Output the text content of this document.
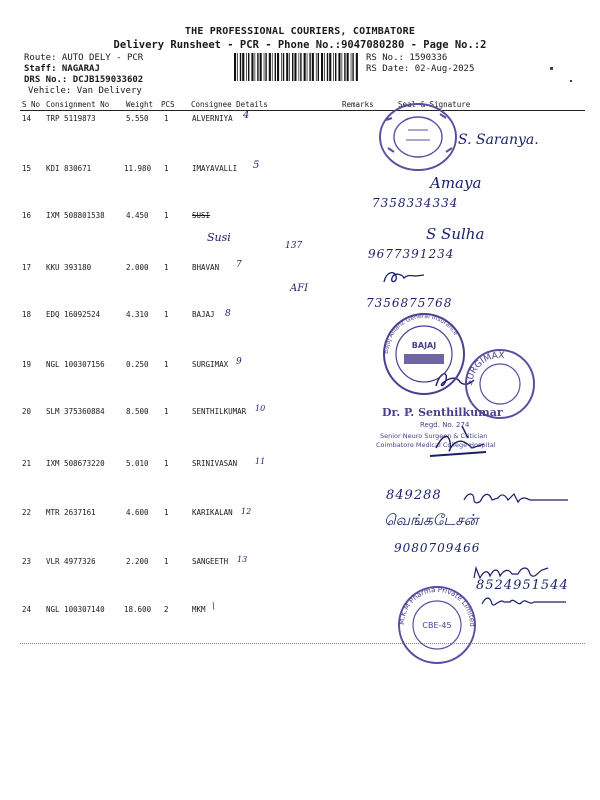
THE PROFESSIONAL COURIERS, COIMBATORE
Delivery Runsheet - PCR - Phone No.:9047080280 - Page No.:2
Route: AUTO DELY - PCR
Staff: NAGARAJ
DRS No.: DCJB159033602
Vehicle: Van Delivery
RS No.: 1590336
RS Date: 02-Aug-2025
S No Consignment No Weight PCS Consignee Details	Remarks	Seal & Signature
14 TRP 5119873	5.550 1	ALVERNIYA 4
15 KDI 830671	11.980 1	IMAYAVALLI 5
16 IXM 508801538	4.450 1	SUSI
17 KKU 393180	2.000 1	BHAVAN 7
18 EDQ 16092524	4.310 1	BAJAJ 8
19 NGL 100307156	0.250 1	SURGIMAX 9
20 SLM 375360884	8.500 1	SENTHILKUMAR 10
21 IXM 508673220	5.010 1	SRINIVASAN 11
22 MTR 2637161	4.600 1	KARIKALAN 12
23 VLR 4977326	2.200 1	SANGEETH 13
24 NGL 100307140	18.600 2	MKM \
S. Saranya.
Amaya
7358334334
Susi
137
S Sulha
AFI
9677391234
7356875768
849288
வெங்கடேசன்
9080709466
8524951544
Bajaj Allianz General Insurance
BAJAJ
SURGIMAX
Dr. P. Senthilkumar
Regd. No. 274
Senior Neuro Surgeon & Critician
Coimbatore Medical College Hospital
M.K.M Pharma Private Limited
CBE-45
